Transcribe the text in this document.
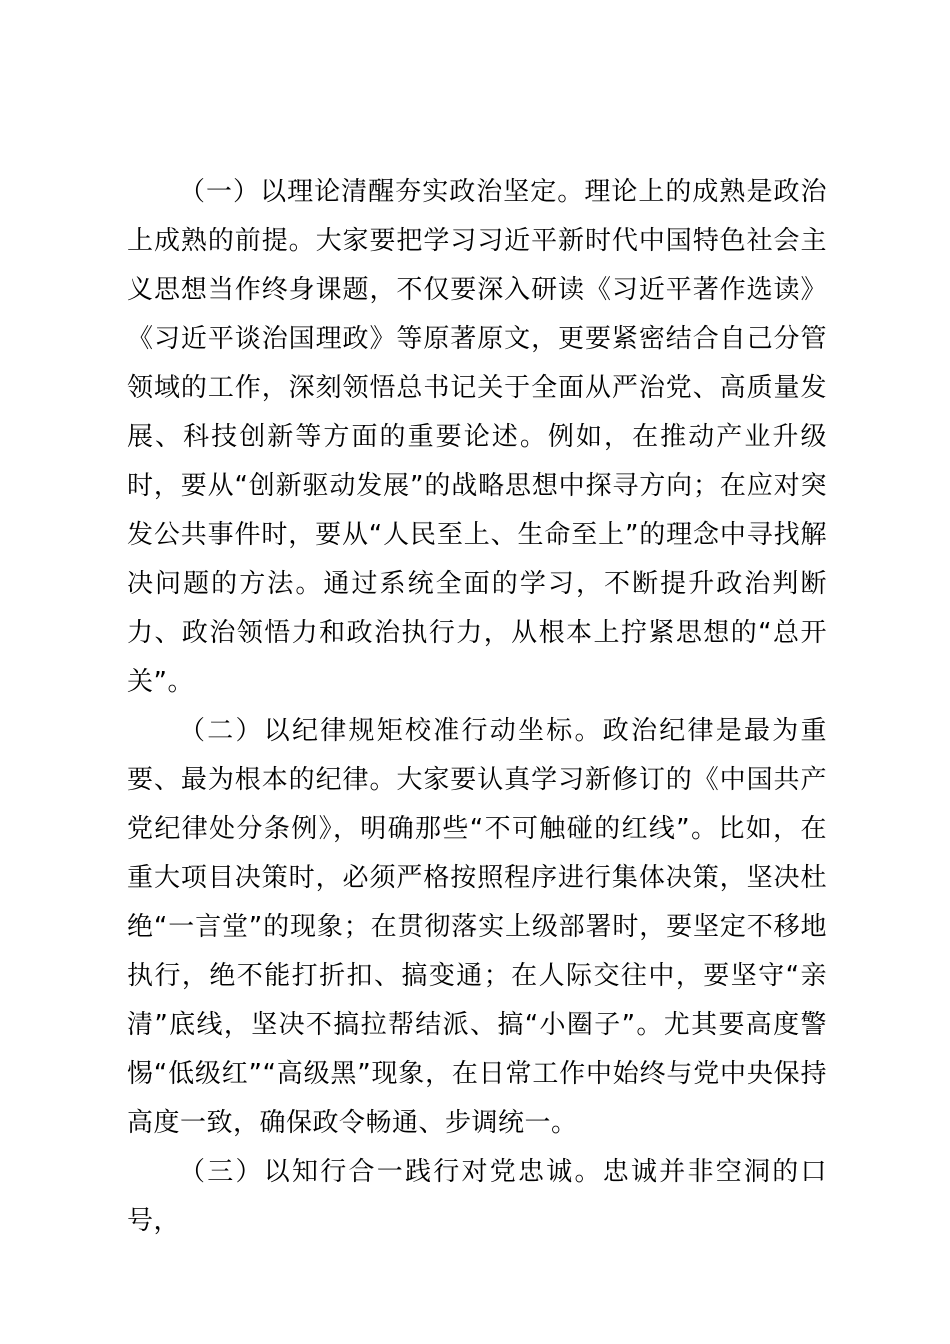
（一）以理论清醒夯实政治坚定。理论上的成熟是政治上成熟的前提。大家要把学习习近平新时代中国特色社会主义思想当作终身课题，不仅要深入研读《习近平著作选读》《习近平谈治国理政》等原著原文，更要紧密结合自己分管领域的工作，深刻领悟总书记关于全面从严治党、高质量发展、科技创新等方面的重要论述。例如，在推动产业升级时，要从“创新驱动发展”的战略思想中探寻方向；在应对突发公共事件时，要从“人民至上、生命至上”的理念中寻找解决问题的方法。通过系统全面的学习，不断提升政治判断力、政治领悟力和政治执行力，从根本上拧紧思想的“总开关”。

（二）以纪律规矩校准行动坐标。政治纪律是最为重要、最为根本的纪律。大家要认真学习新修订的《中国共产党纪律处分条例》，明确那些“不可触碰的红线”。比如，在重大项目决策时，必须严格按照程序进行集体决策，坚决杜绝“一言堂”的现象；在贯彻落实上级部署时，要坚定不移地执行，绝不能打折扣、搞变通；在人际交往中，要坚守“亲清”底线，坚决不搞拉帮结派、搞“小圈子”。尤其要高度警惕“低级红”“高级黑”现象，在日常工作中始终与党中央保持高度一致，确保政令畅通、步调统一。

（三）以知行合一践行对党忠诚。忠诚并非空洞的口号，
